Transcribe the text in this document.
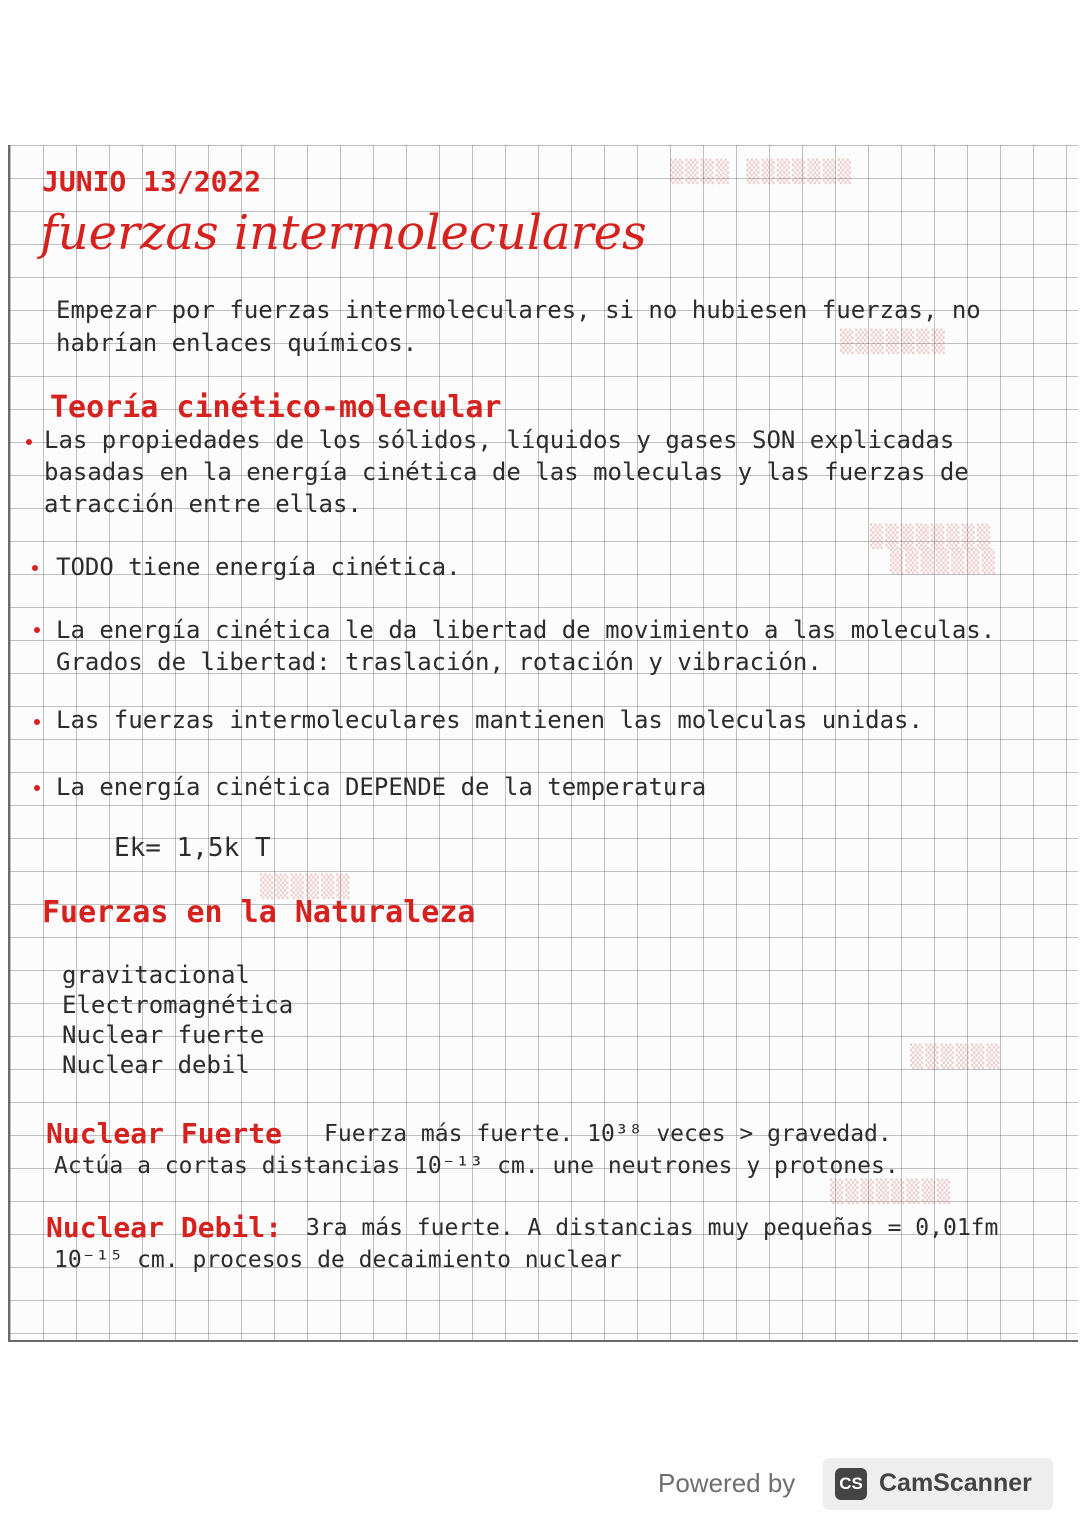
▒▒▒▒ ▒▒▒▒▒▒▒
▒▒▒▒▒▒▒
▒▒▒▒▒▒▒▒
▒▒▒▒▒▒▒
▒▒▒▒▒▒
▒▒▒▒▒▒
▒▒▒▒▒▒▒▒
JUNIO 13/2022
fuerzas intermoleculares
Empezar por fuerzas intermoleculares, si no hubiesen fuerzas, no
habrían enlaces químicos.
Teoría cinético-molecular
Las propiedades de los sólidos, líquidos y gases SON explicadas
basadas en la energía cinética de las moleculas y las fuerzas de
atracción entre ellas.
TODO tiene energía cinética.
La energía cinética le da libertad de movimiento a las moleculas.
Grados de libertad: traslación, rotación y vibración.
Las fuerzas intermoleculares mantienen las moleculas unidas.
La energía cinética DEPENDE de la temperatura
Ek= 1,5k T
Fuerzas en la Naturaleza
gravitacional
Electromagnética
Nuclear fuerte
Nuclear debil
Nuclear Fuerte Fuerza más fuerte. 10³⁸ veces > gravedad.
Actúa a cortas distancias 10⁻¹³ cm. une neutrones y protones.
Nuclear Debil: 3ra más fuerte. A distancias muy pequeñas = 0,01fm
10⁻¹⁵ cm. procesos de decaimiento nuclear
Powered by	CS CamScanner
